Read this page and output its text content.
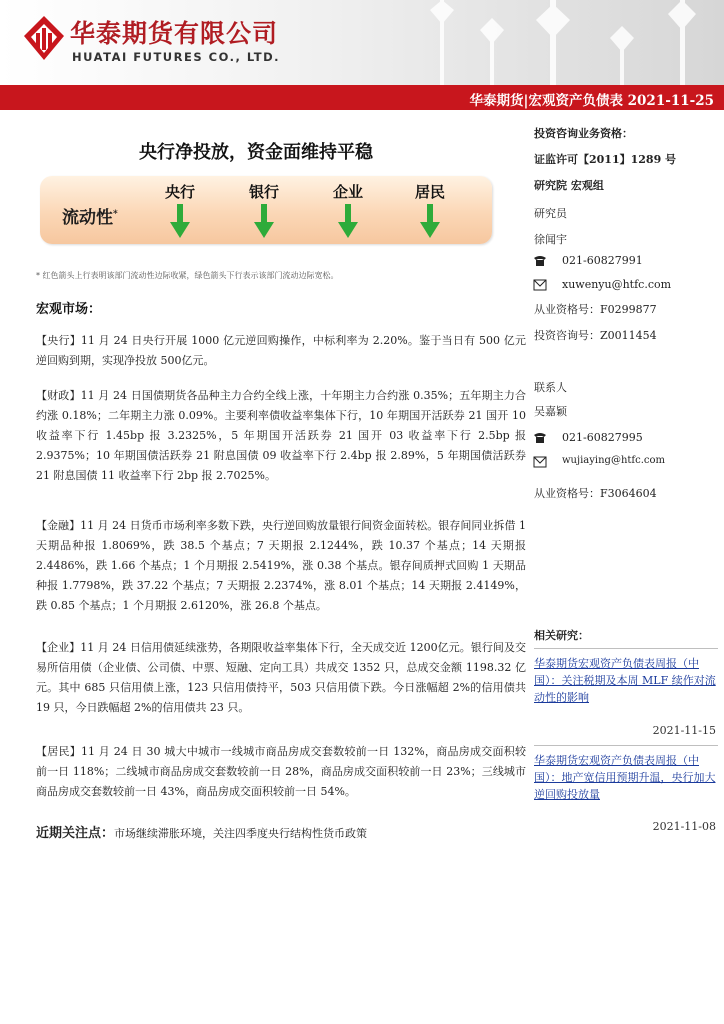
华泰期货有限公司
HUATAI FUTURES CO., LTD.
华泰期货|宏观资产负债表 2021-11-25
央行净投放，资金面维持平稳
流动性*
央行	银行	企业	居民
* 红色箭头上行表明该部门流动性边际收紧，绿色箭头下行表示该部门流动边际宽松。
宏观市场：
【央行】11 月 24 日央行开展 1000 亿元逆回购操作，中标利率为 2.20%。鉴于当日有 500 亿元逆回购到期，实现净投放 500亿元。
【财政】11 月 24 日国债期货各品种主力合约全线上涨，十年期主力合约涨 0.35%；五年期主力合约涨 0.18%；二年期主力涨 0.09%。主要利率债收益率集体下行，10 年期国开活跃券 21 国开 10 收益率下行 1.45bp 报 3.2325%，5 年期国开活跃券 21 国开 03 收益率下行 2.5bp 报 2.9375%；10 年期国债活跃券 21 附息国债 09 收益率下行 2.4bp 报 2.89%，5 年期国债活跃券 21 附息国债 11 收益率下行 2bp 报 2.7025%。
【金融】11 月 24 日货币市场利率多数下跌，央行逆回购放量银行间资金面转松。银存间同业拆借 1 天期品种报 1.8069%，跌 38.5 个基点；7 天期报 2.1244%，跌 10.37 个基点；14 天期报 2.4486%，跌 1.66 个基点；1 个月期报 2.5419%，涨 0.38 个基点。银存间质押式回购 1 天期品种报 1.7798%，跌 37.22 个基点；7 天期报 2.2374%，涨 8.01 个基点；14 天期报 2.4149%，跌 0.85 个基点；1 个月期报 2.6120%，涨 26.8 个基点。
【企业】11 月 24 日信用债延续涨势，各期限收益率集体下行，全天成交近 1200亿元。银行间及交易所信用债（企业债、公司债、中票、短融、定向工具）共成交 1352 只，总成交金额 1198.32 亿元。其中 685 只信用债上涨，123 只信用债持平，503 只信用债下跌。今日涨幅超 2%的信用债共 19 只，今日跌幅超 2%的信用债共 23 只。
【居民】11 月 24 日 30 城大中城市一线城市商品房成交套数较前一日 132%，商品房成交面积较前一日 118%；二线城市商品房成交套数较前一日 28%，商品房成交面积较前一日 23%；三线城市商品房成交套数较前一日 43%，商品房成交面积较前一日 54%。
近期关注点：市场继续滞胀环境，关注四季度央行结构性货币政策
投资咨询业务资格：
证监许可【2011】1289 号
研究院 宏观组
研究员
徐闻宇
021-60827991
xuwenyu@htfc.com
从业资格号：F0299877
投资咨询号：Z0011454
联系人
吴嘉颖
021-60827995
wujiaying@htfc.com
从业资格号：F3064604
相关研究：
华泰期货宏观资产负债表周报（中国）：关注税期及本周 MLF 续作对流动性的影响
2021-11-15
华泰期货宏观资产负债表周报（中国）：地产宽信用预期升温，央行加大逆回购投放量
2021-11-08
